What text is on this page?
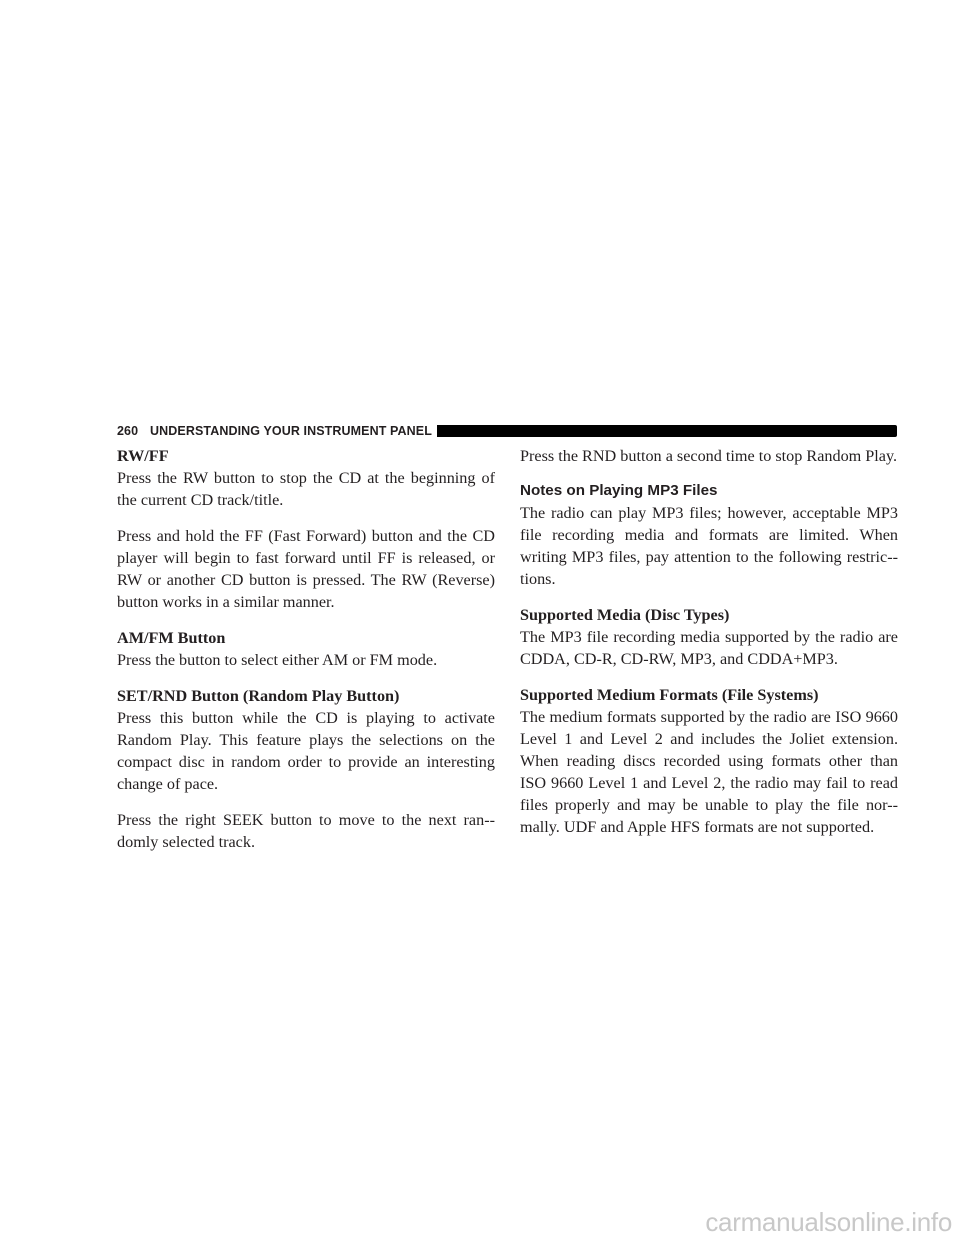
260 UNDERSTANDING YOUR INSTRUMENT PANEL

RW/FF

Press the RW button to stop the CD at the beginning of the current CD track/title.

Press and hold the FF (Fast Forward) button and the CD player will begin to fast forward until FF is released, or RW or another CD button is pressed. The RW (Reverse) button works in a similar manner.

AM/FM Button

Press the button to select either AM or FM mode.

SET/RND Button (Random Play Button)

Press this button while the CD is playing to activate Random Play. This feature plays the selections on the compact disc in random order to provide an interesting change of pace.

Press the right SEEK button to move to the next ran-domly selected track.

Press the RND button a second time to stop Random Play.

Notes on Playing MP3 Files

The radio can play MP3 files; however, acceptable MP3 file recording media and formats are limited. When writing MP3 files, pay attention to the following restric-tions.

Supported Media (Disc Types)

The MP3 file recording media supported by the radio are CDDA, CD-R, CD-RW, MP3, and CDDA+MP3.

Supported Medium Formats (File Systems)

The medium formats supported by the radio are ISO 9660 Level 1 and Level 2 and includes the Joliet extension. When reading discs recorded using formats other than ISO 9660 Level 1 and Level 2, the radio may fail to read files properly and may be unable to play the file nor-mally. UDF and Apple HFS formats are not supported.

carmanualsonline.info
